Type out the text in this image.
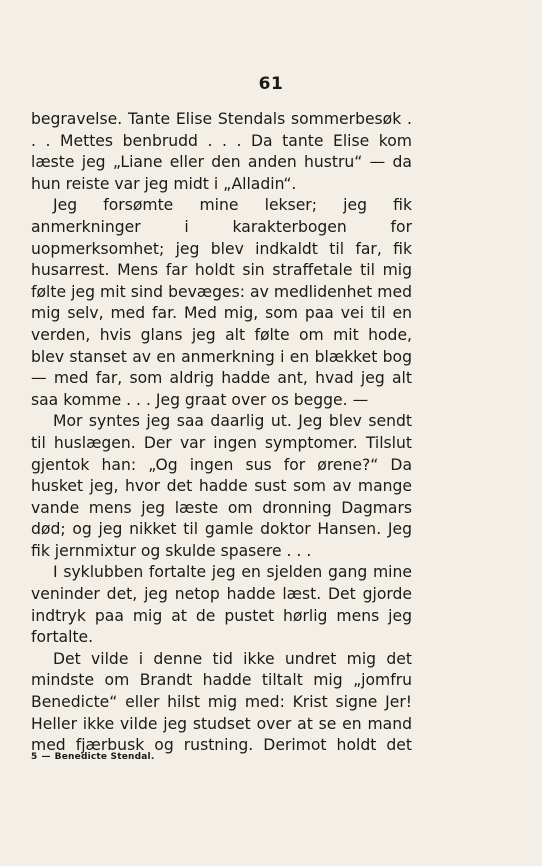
61

begravelse. Tante Elise Stendals sommerbesøk . . . Mettes benbrudd . . . Da tante Elise kom læste jeg „Liane eller den anden hustru“ — da hun reiste var jeg midt i „Alladin“.

Jeg forsømte mine lekser; jeg fik anmerkninger i karakterbogen for uopmerksomhet; jeg blev indkaldt til far, fik husarrest. Mens far holdt sin straffetale til mig følte jeg mit sind bevæges: av medlidenhet med mig selv, med far. Med mig, som paa vei til en verden, hvis glans jeg alt følte om mit hode, blev stanset av en anmerkning i en blækket bog — med far, som aldrig hadde ant, hvad jeg alt saa komme . . . Jeg graat over os begge. —

Mor syntes jeg saa daarlig ut. Jeg blev sendt til huslægen. Der var ingen symptomer. Tilslut gjentok han: „Og ingen sus for ørene?“ Da husket jeg, hvor det hadde sust som av mange vande mens jeg læste om dronning Dagmars død; og jeg nikket til gamle doktor Hansen. Jeg fik jernmixtur og skulde spasere . . .

I syklubben fortalte jeg en sjelden gang mine veninder det, jeg netop hadde læst. Det gjorde indtryk paa mig at de pustet hørlig mens jeg fortalte.

Det vilde i denne tid ikke undret mig det mindste om Brandt hadde tiltalt mig „jomfru Benedicte“ eller hilst mig med: Krist signe Jer! Heller ikke vilde jeg studset over at se en mand med fjærbusk og rustning. Derimot holdt det

5 — Benedicte Stendal.
